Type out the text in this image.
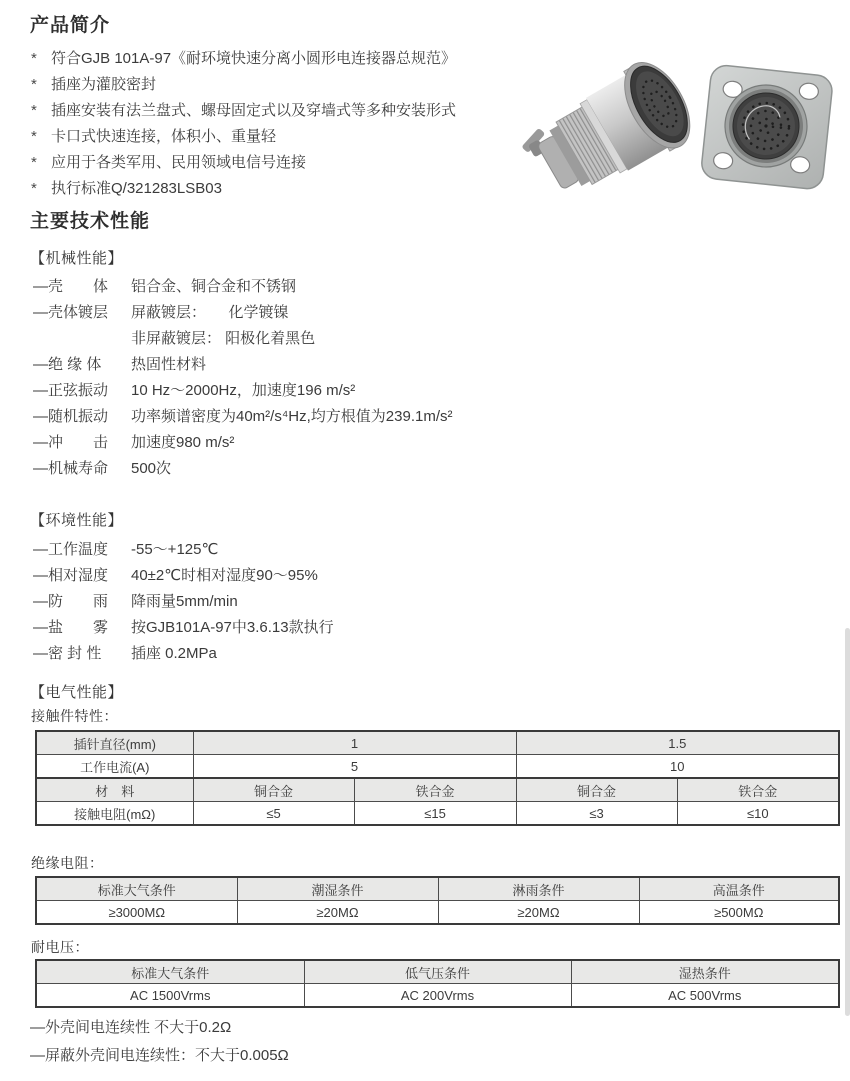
产品简介
* 符合GJB 101A-97《耐环境快速分离小圆形电连接器总规范》
* 插座为灌胶密封
* 插座安装有法兰盘式、螺母固定式以及穿墙式等多种安装形式
* 卡口式快速连接，体积小、重量轻
* 应用于各类军用、民用领域电信号连接
* 执行标准Q/321283LSB03
主要技术性能
【机械性能】
—壳　　体	铝合金、铜合金和不锈钢
—壳体镀层	屏蔽镀层：　　化学镀镍
非屏蔽镀层： 阳极化着黑色
—绝 缘 体	热固性材料
—正弦振动	10 Hz～2000Hz，加速度196 m/s²
—随机振动	功率频谱密度为40m²/s⁴Hz,均方根值为239.1m/s²
—冲　　击	加速度980 m/s²
—机械寿命	500次
【环境性能】
—工作温度	-55～+125℃
—相对湿度	40±2℃时相对湿度90～95%
—防　　雨	降雨量5mm/min
—盐　　雾	按GJB101A-97中3.6.13款执行
—密 封 性	插座 0.2MPa
【电气性能】
接触件特性：
插针直径(mm)	1		1.5	
工作电流(A)	5		10	
材　料	铜合金	铁合金	铜合金	铁合金
接触电阻(mΩ)	≤5	≤15	≤3	≤10
绝缘电阻：
标准大气条件	潮湿条件	淋雨条件	高温条件
≥3000MΩ	≥20MΩ	≥20MΩ	≥500MΩ
耐电压：
标准大气条件	低气压条件	湿热条件
AC 1500Vrms	AC 200Vrms	AC 500Vrms
—外壳间电连续性 不大于0.2Ω
—屏蔽外壳间电连续性：不大于0.005Ω
